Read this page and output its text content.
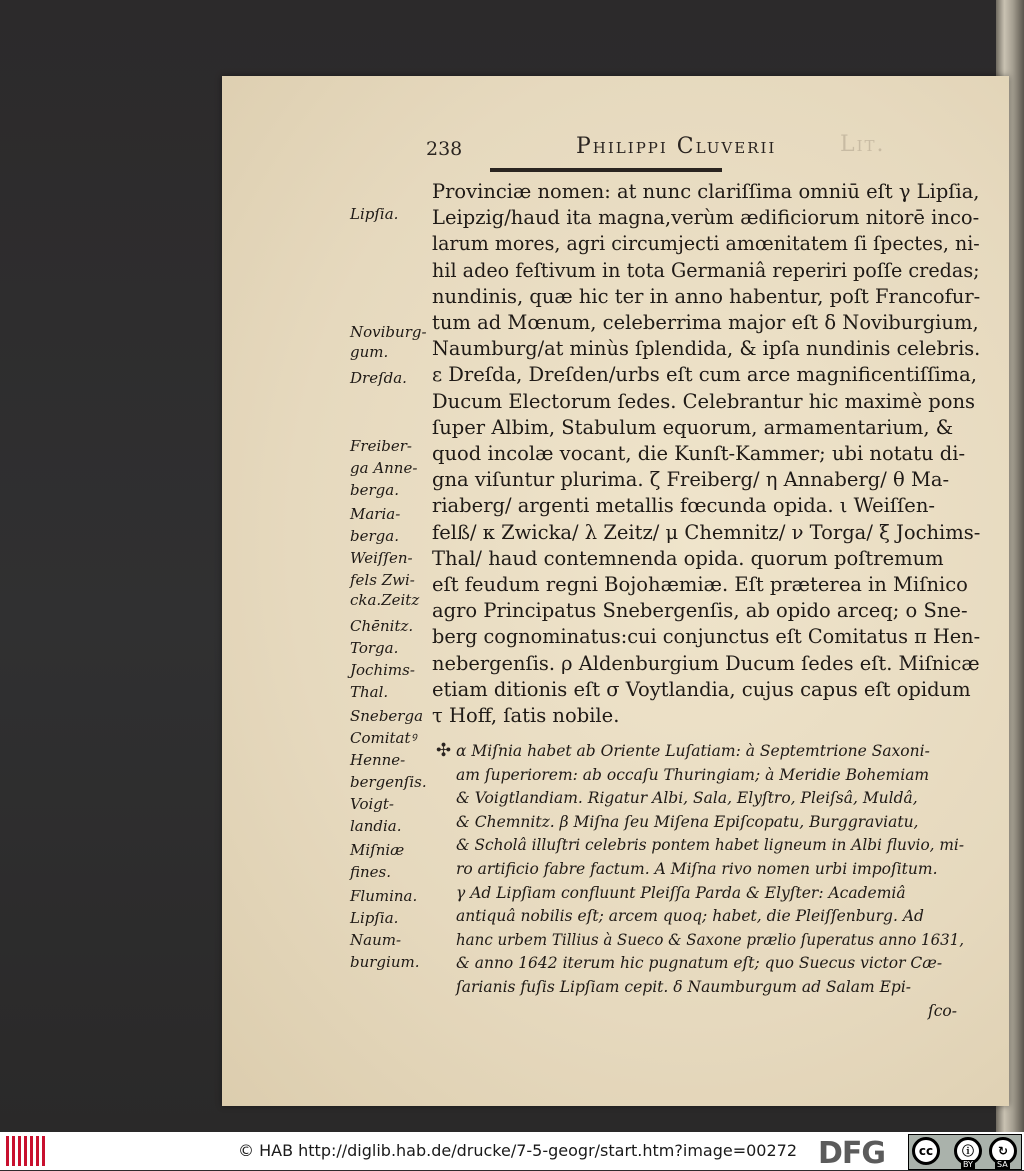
238	Philippi Cluverii	Lit.
Provinciæ nomen: at nunc clariſſima omniū eſt γ Lipſia,
Leipzig/haud ita magna,verùm ædificiorum nitorē inco-
larum mores, agri circumjecti amœnitatem ſi ſpectes, ni-
hil adeo feſtivum in tota Germaniâ reperiri poſſe credas;
nundinis, quæ hic ter in anno habentur, poſt Francofur-
tum ad Mœnum, celeberrima major eſt δ Noviburgium,
Naumburg/at minùs ſplendida, & ipſa nundinis celebris.
ε Dreſda, Dreſden/urbs eſt cum arce magnificentiſſima,
Ducum Electorum ſedes. Celebrantur hic maximè pons
ſuper Albim, Stabulum equorum, armamentarium, &
quod incolæ vocant, die Kunſt-Kammer; ubi notatu di-
gna viſuntur plurima. ζ Freiberg/ η Annaberg/ θ Ma-
riaberg/ argenti metallis fœcunda opida. ι Weiſſen-
felß/ κ Zwicka/ λ Zeitz/ μ Chemnitz/ ν Torga/ ξ Jochims-
Thal/ haud contemnenda opida. quorum poſtremum
eſt feudum regni Bojohæmiæ. Eſt præterea in Miſnico
agro Principatus Snebergenſis, ab opido arceq; ο Sne-
berg cognominatus:cui conjunctus eſt Comitatus π Hen-
nebergenſis. ρ Aldenburgium Ducum ſedes eſt. Miſnicæ
etiam ditionis eſt σ Voytlandia, cujus capus eſt opidum
τ Hoff, ſatis nobile.
Lipſia.
Noviburg-
gum.
Dreſda.
Freiber-
ga Anne-
berga.
Maria-
berga.
Weiſſen-
fels Zwi-
cka.Zeitz
Chēnitz.
Torga.
Jochims-
Thal.
Sneberga
Comitatꝰ
Henne-
bergenſis.
Voigt-
landia.
Miſniæ
fines.
Flumina.
Lipſia.
Naum-
burgium.
✣ α Miſnia habet ab Oriente Luſatiam: à Septemtrione Saxoni-
am ſuperiorem: ab occaſu Thuringiam; à Meridie Bohemiam
& Voigtlandiam. Rigatur Albi, Sala, Elyſtro, Pleiſsâ, Muldâ,
& Chemnitz. β Miſna ſeu Miſena Epiſcopatu, Burggraviatu,
& Scholâ illuſtri celebris pontem habet ligneum in Albi fluvio, mi-
ro artificio fabre factum. A Miſna rivo nomen urbi impoſitum.
γ Ad Lipſiam confluunt Pleiſſa Parda & Elyſter: Academiâ
antiquâ nobilis eſt; arcem quoq; habet, die Pleiſſenburg. Ad
hanc urbem Tillius à Sueco & Saxone prælio ſuperatus anno 1631,
& anno 1642 iterum hic pugnatum eſt; quo Suecus victor Cæ-
ſarianis fuſis Lipſiam cepit. δ Naumburgum ad Salam Epi-
ſco-
© HAB http://diglib.hab.de/drucke/7-5-geogr/start.htm?image=00272 DFG	cc	ⓘ	↻
BY	SA
